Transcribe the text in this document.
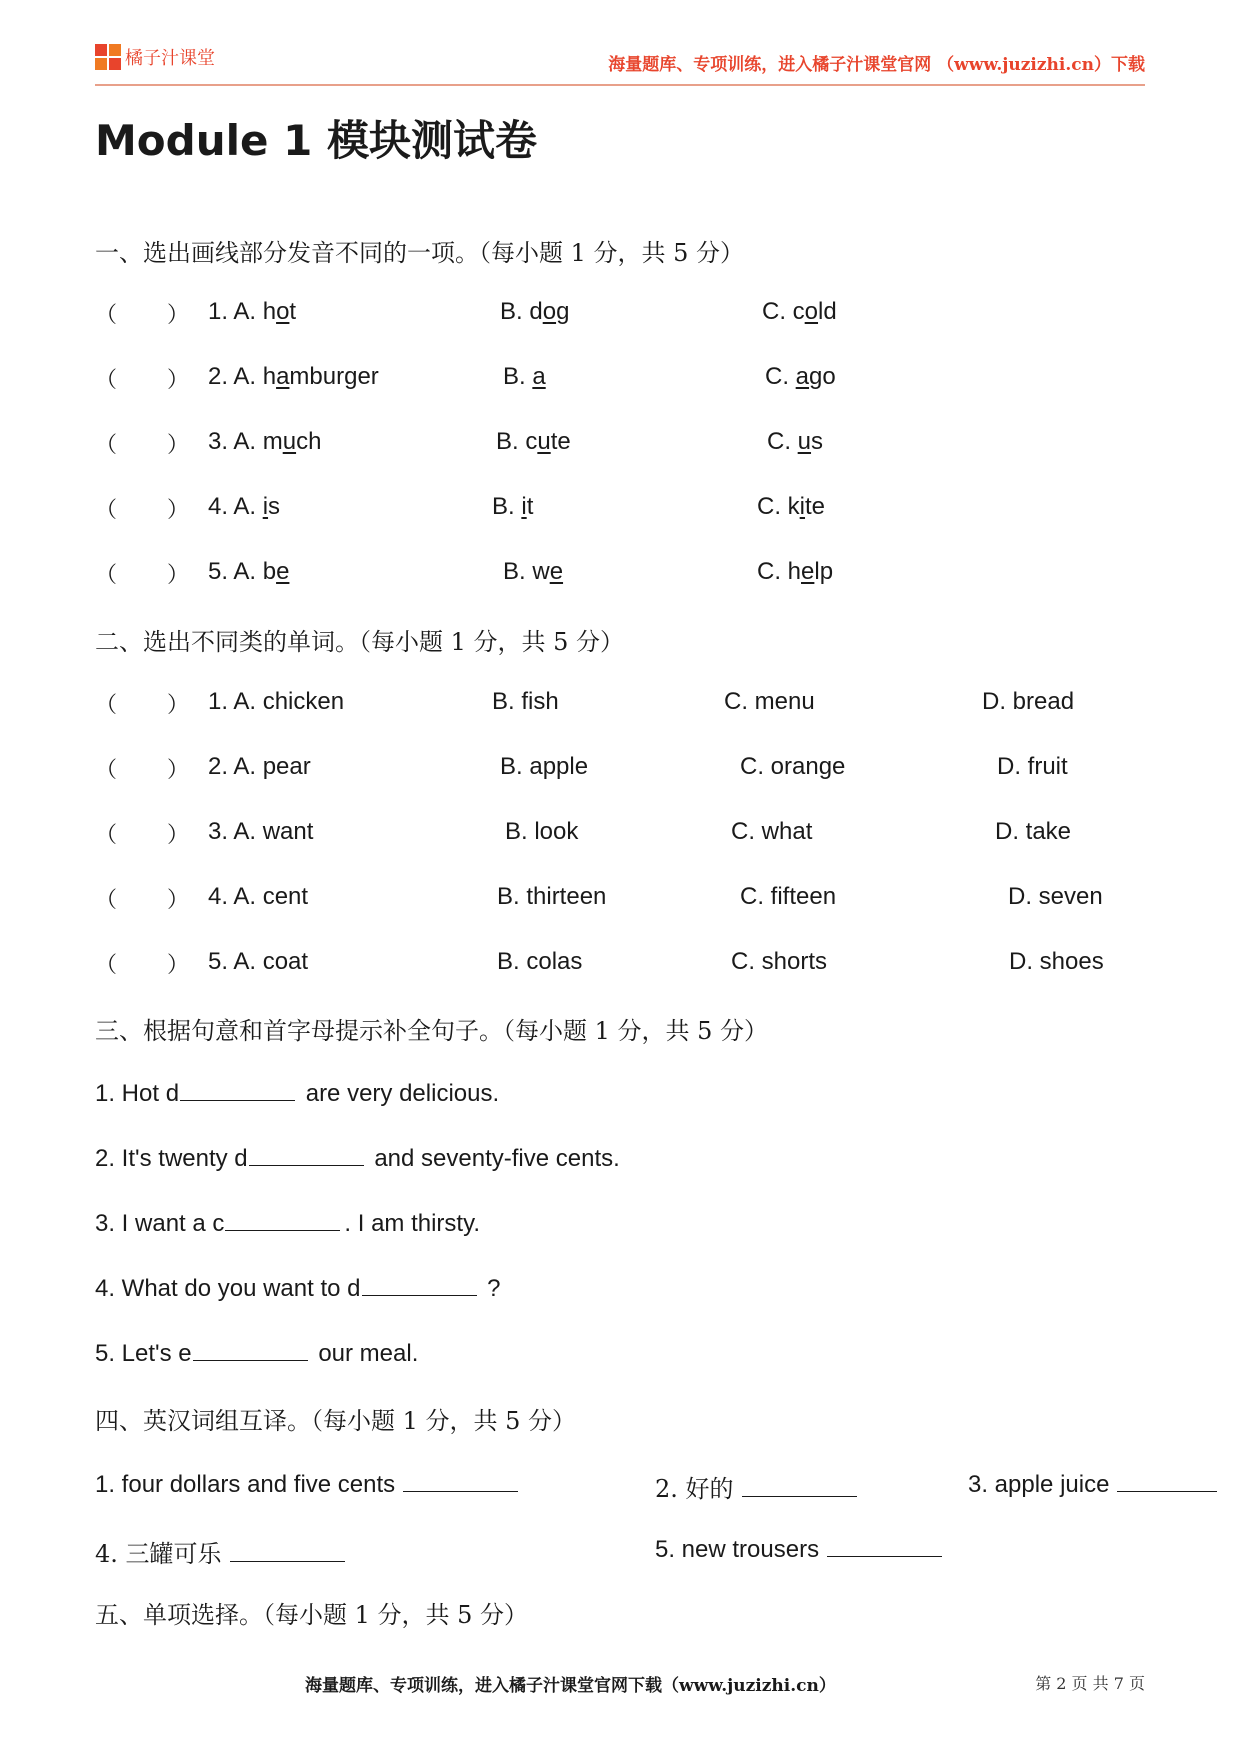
橘子汁课堂	海量题库、专项训练，进入橘子汁课堂官网 （www.juzizhi.cn）下载
Module 1 模块测试卷
一、选出画线部分发音不同的一项。（每小题 1 分，共 5 分）
（ ） 1. A. hot	B. dog	C. cold
（ ） 2. A. hamburger	B. a	C. ago
（ ） 3. A. much	B. cute	C. us
（ ） 4. A. is	B. it	C. kite
（ ） 5. A. be	B. we	C. help
二、选出不同类的单词。（每小题 1 分，共 5 分）
（ ） 1. A. chicken	B. fish	C. menu	D. bread
（ ） 2. A. pear	B. apple	C. orange	D. fruit
（ ） 3. A. want	B. look	C. what	D. take
（ ） 4. A. cent	B. thirteen	C. fifteen	D. seven
（ ） 5. A. coat	B. colas	C. shorts	D. shoes
三、根据句意和首字母提示补全句子。（每小题 1 分，共 5 分）
1. Hot d	are very delicious.
2. It's twenty d	and seventy-five cents.
3. I want a c	. I am thirsty.
4. What do you want to d	?
5. Let's e	our meal.
四、英汉词组互译。（每小题 1 分，共 5 分）
1. four dollars and five cents	2. 好的	3. apple juice
4. 三罐可乐	5. new trousers
五、单项选择。（每小题 1 分，共 5 分）
海量题库、专项训练，进入橘子汁课堂官网下载（www.juzizhi.cn）	第 2 页 共 7 页
